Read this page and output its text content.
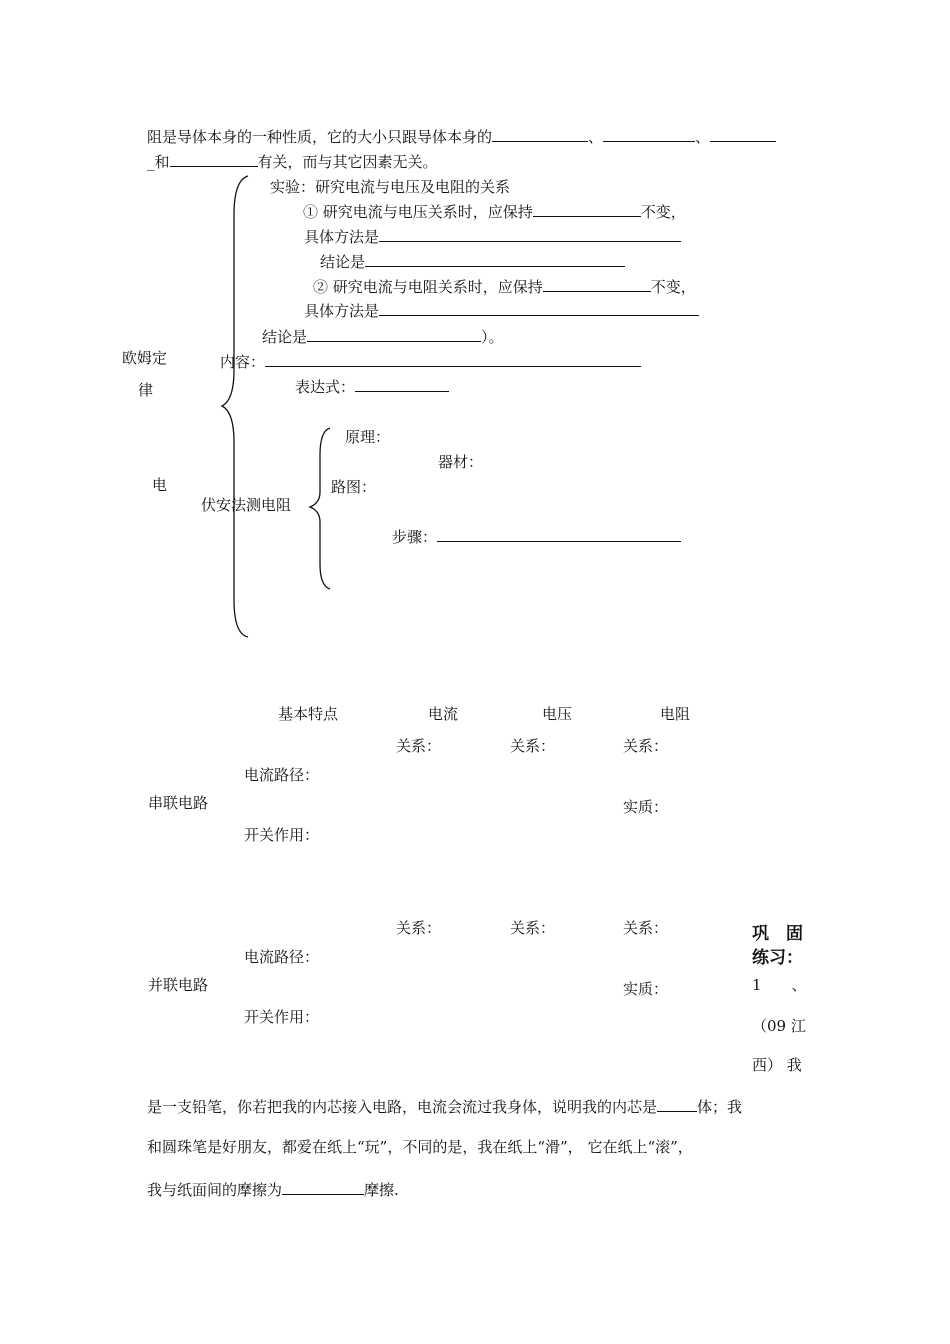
阻是导体本身的一种性质，它的大小只跟导体本身的	、	、
_和	有关，而与其它因素无关。
欧姆定
律
电
实验：研究电流与电压及电阻的关系
① 研究电流与电压关系时，应保持	不变，
具体方法是
结论是
② 研究电流与电阻关系时，应保持	不变，
具体方法是
结论是	）。
内容：
表达式：
原理：
器材：
路图：
伏安法测电阻
步骤：
基本特点	电流	电压	电阻
关系：	关系：	关系：
电流路径：
串联电路	实质：
开关作用：
关系：	关系：	关系：
电流路径：
并联电路	实质：
开关作用：
巩　固
练习：
1　　、
（09 江
西） 我
是一支铅笔，你若把我的内芯接入电路，电流会流过我身体，说明我的内芯是	体；我
和圆珠笔是好朋友，都爱在纸上“玩”，不同的是，我在纸上“滑”， 它在纸上“滚”，
我与纸面间的摩擦为	摩擦.
